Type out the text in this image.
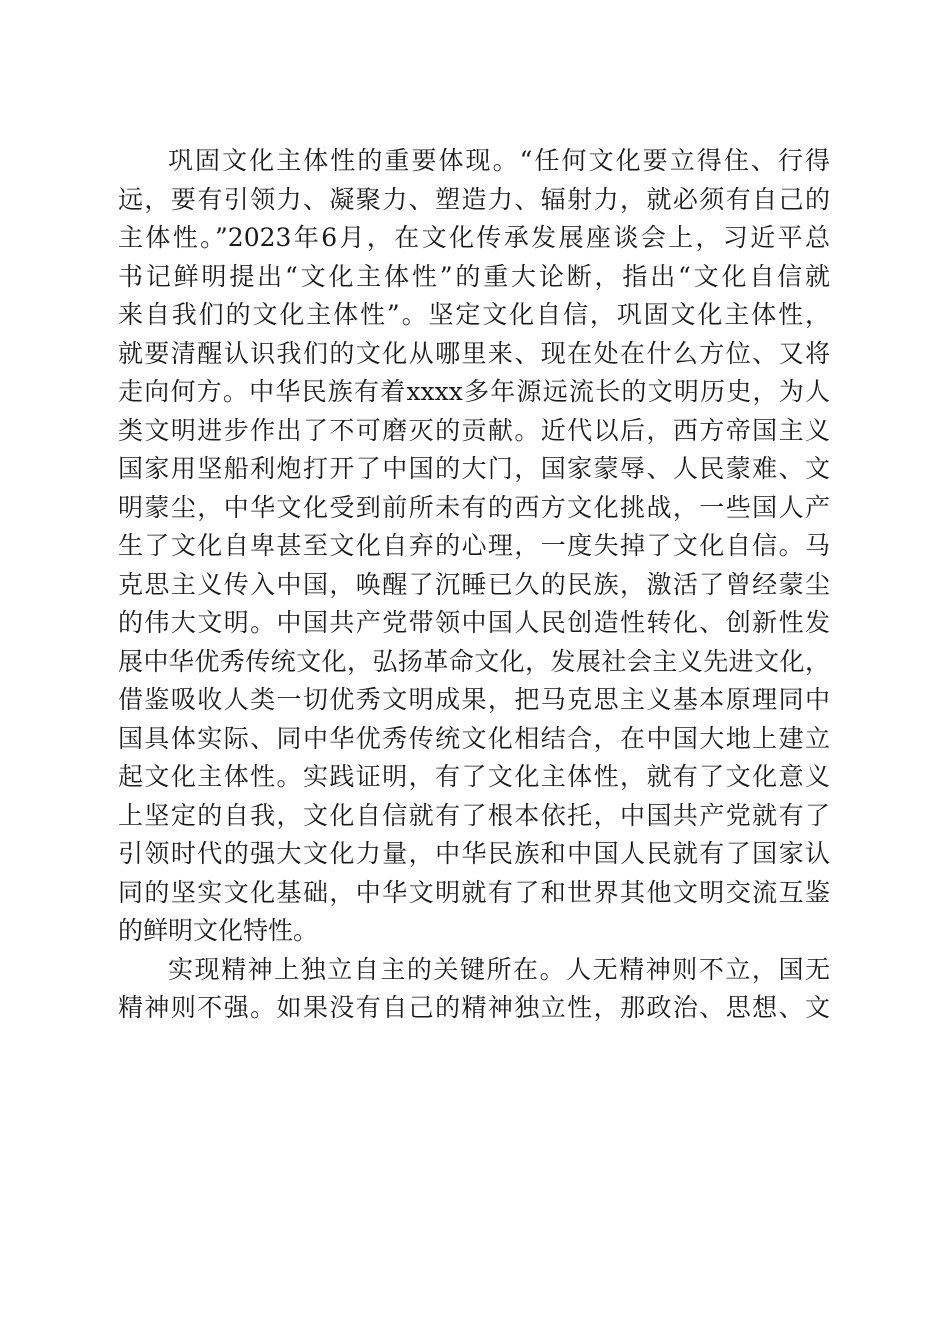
巩固文化主体性的重要体现。“任何文化要立得住、行得
远，要有引领力、凝聚力、塑造力、辐射力，就必须有自己的
主体性。”2023年6月，在文化传承发展座谈会上，习近平总
书记鲜明提出“文化主体性”的重大论断，指出“文化自信就
来自我们的文化主体性”。坚定文化自信，巩固文化主体性，
就要清醒认识我们的文化从哪里来、现在处在什么方位、又将
走向何方。中华民族有着xxxx多年源远流长的文明历史，为人
类文明进步作出了不可磨灭的贡献。近代以后，西方帝国主义
国家用坚船利炮打开了中国的大门，国家蒙辱、人民蒙难、文
明蒙尘，中华文化受到前所未有的西方文化挑战，一些国人产
生了文化自卑甚至文化自弃的心理，一度失掉了文化自信。马
克思主义传入中国，唤醒了沉睡已久的民族，激活了曾经蒙尘
的伟大文明。中国共产党带领中国人民创造性转化、创新性发
展中华优秀传统文化，弘扬革命文化，发展社会主义先进文化，
借鉴吸收人类一切优秀文明成果，把马克思主义基本原理同中
国具体实际、同中华优秀传统文化相结合，在中国大地上建立
起文化主体性。实践证明，有了文化主体性，就有了文化意义
上坚定的自我，文化自信就有了根本依托，中国共产党就有了
引领时代的强大文化力量，中华民族和中国人民就有了国家认
同的坚实文化基础，中华文明就有了和世界其他文明交流互鉴
的鲜明文化特性。
实现精神上独立自主的关键所在。人无精神则不立，国无
精神则不强。如果没有自己的精神独立性，那政治、思想、文
